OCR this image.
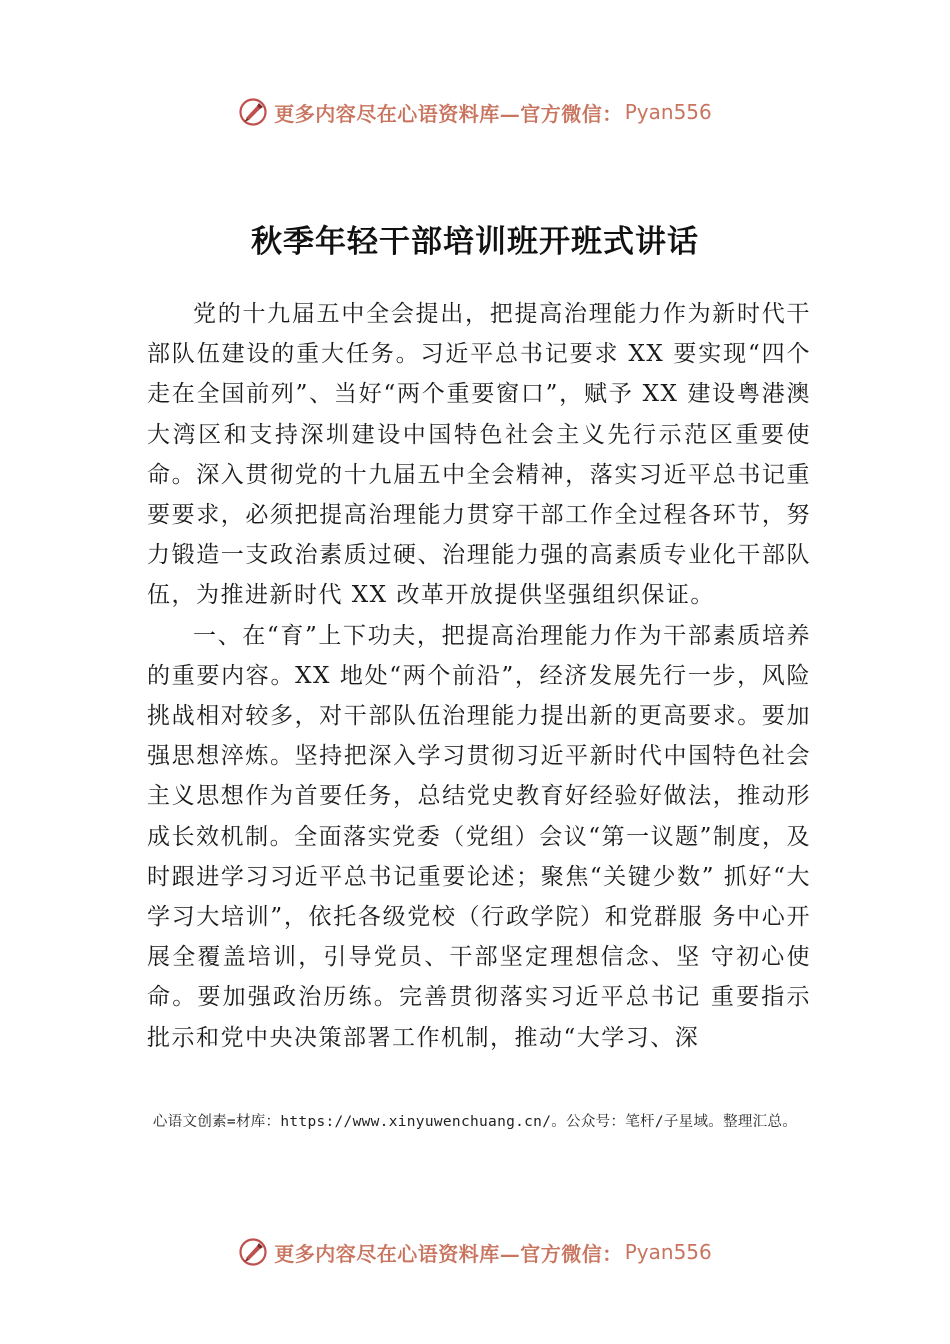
更多内容尽在心语资料库—官方微信： Pyan556
秋季年轻干部培训班开班式讲话

党的十九届五中全会提出，把提高治理能力作为新时代干部队伍建设的重大任务。习近平总书记要求 XX 要实现“四个走在全国前列”、当好“两个重要窗口”，赋予 XX 建设粤港澳大湾区和支持深圳建设中国特色社会主义先行示范区重要使命。深入贯彻党的十九届五中全会精神，落实习近平总书记重要要求，必须把提高治理能力贯穿干部工作全过程各环节，努力锻造一支政治素质过硬、治理能力强的高素质专业化干部队伍，为推进新时代 XX 改革开放提供坚强组织保证。

一、在“育”上下功夫，把提高治理能力作为干部素质培养的重要内容。XX 地处“两个前沿”，经济发展先行一步，风险挑战相对较多，对干部队伍治理能力提出新的更高要求。要加强思想淬炼。坚持把深入学习贯彻习近平新时代中国特色社会主义思想作为首要任务，总结党史教育好经验好做法，推动形成长效机制。全面落实党委（党组）会议“第一议题”制度，及时跟进学习习近平总书记重要论述；聚焦“关键少数” 抓好“大学习大培训”，依托各级党校（行政学院）和党群服 务中心开展全覆盖培训，引导党员、干部坚定理想信念、坚 守初心使命。要加强政治历练。完善贯彻落实习近平总书记 重要指示批示和党中央决策部署工作机制，推动“大学习、深

心语文创素=材库：https://www.xinyuwenchuang.cn/。公众号：笔杆/子星域。整理汇总。
更多内容尽在心语资料库—官方微信： Pyan556
